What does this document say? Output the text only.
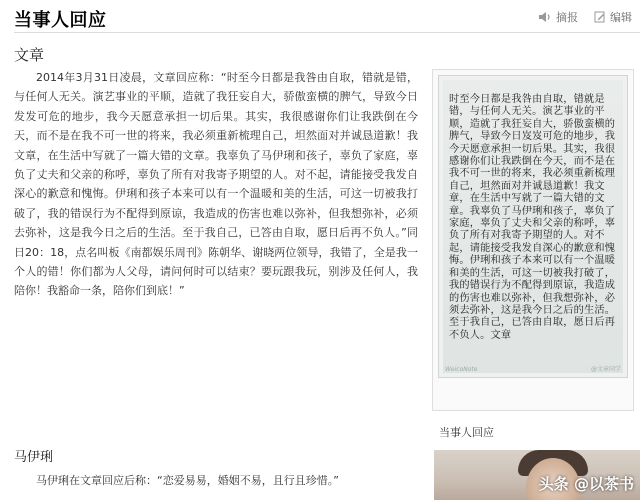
当事人回应	摘报	编辑
文章
2014年3月31日凌晨，文章回应称：“时至今日都是我咎由自取，错就是错，与任何人无关。演艺事业的平顺，造就了我狂妄自大，骄傲蛮横的脾气，导致今日发发可危的地步，我今天愿意承担一切后果。其实，我很感谢你们让我跌倒在今天，而不是在我不可一世的将来，我必须重新梳理自己，坦然面对并诚恳道歉！我文章，在生活中写就了一篇大错的文章。我辜负了马伊琍和孩子，辜负了家庭，辜负了丈夫和父亲的称呼，辜负了所有对我寄予期望的人。对不起，请能接受我发自深心的歉意和愧悔。伊琍和孩子本来可以有一个温暖和美的生活，可这一切被我打破了，我的错误行为不配得到原谅，我造成的伤害也难以弥补，但我想弥补，必须去弥补，这是我今日之后的生活。至于我自己，已答由自取，愿日后再不负人。”同日20：18，点名叫板《南都娱乐周刊》陈朝华、谢晓两位领导，我错了，全是我一个人的错！你们都为人父母，请问何时可以结束？要玩跟我玩，别涉及任何人，我陪你！我豁命一条，陪你们到底！”
时至今日都是我咎由自取，错就是错，与任何人无关。演艺事业的平顺，造就了我狂妄自大，骄傲蛮横的脾气，导致今日岌岌可危的地步，我今天愿意承担一切后果。其实，我很感谢你们让我跌倒在今天，而不是在我不可一世的将来，我必须重新梳理自己，坦然面对并诚恳道歉！我文章，在生活中写就了一篇大错的文章。我辜负了马伊琍和孩子，辜负了家庭，辜负了丈夫和父亲的称呼，辜负了所有对我寄予期望的人。对不起，请能接受我发自深心的歉意和愧悔。伊琍和孩子本来可以有一个温暖和美的生活，可这一切被我打破了，我的错误行为不配得到原谅，我造成的伤害也难以弥补，但我想弥补，必须去弥补，这是我今日之后的生活。至于我自己，已答由自取，愿日后再不负人。文章
WeicoNote	@文章同学
当事人回应
马伊琍
马伊琍在文章回应后称：“恋爱易易，婚姻不易，且行且珍惜。”	头条 @以茶书
